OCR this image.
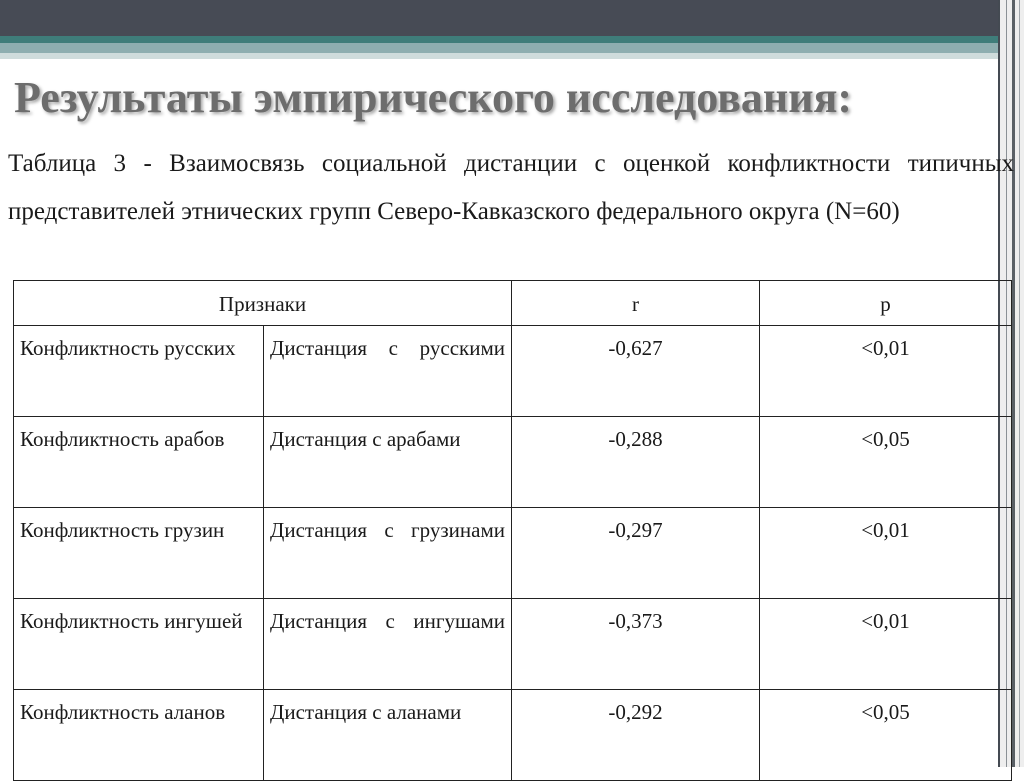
Результаты эмпирического исследования:
Таблица 3 - Взаимосвязь социальной дистанции с оценкой конфликтности типичных представителей этнических групп Северо-Кавказского федерального округа (N=60)
Признаки		r	p
Конфликтность русских	Дистанция с русскими	-0,627	<0,01
Конфликтность арабов	Дистанция с арабами	-0,288	<0,05
Конфликтность грузин	Дистанция с грузинами	-0,297	<0,01
Конфликтность ингушей	Дистанция с ингушами	-0,373	<0,01
Конфликтность аланов	Дистанция с аланами	-0,292	<0,05
